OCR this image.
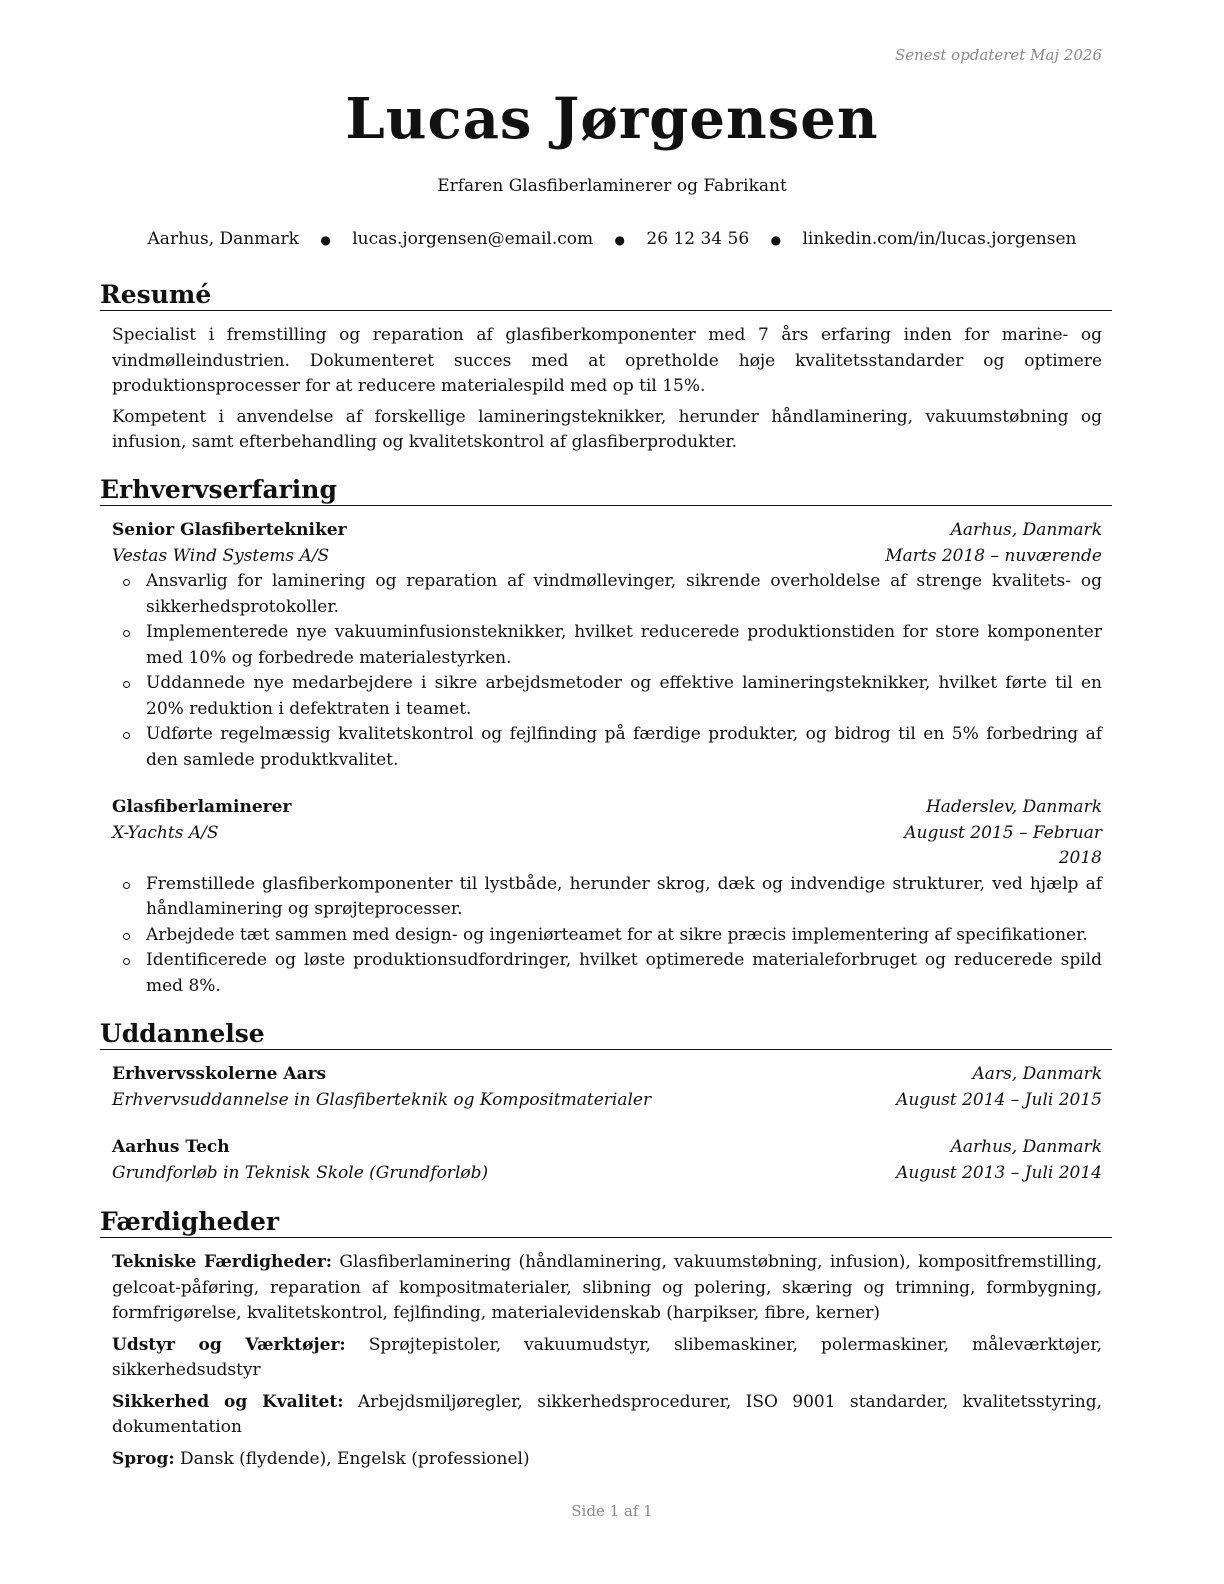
Senest opdateret Maj 2026
Lucas Jørgensen
Erfaren Glasfiberlaminerer og Fabrikant
Aarhus, Danmark ● lucas.jorgensen@email.com ● 26 12 34 56 ● linkedin.com/in/lucas.jorgensen
Resumé

Specialist i fremstilling og reparation af glasfiberkomponenter med 7 års erfaring inden for marine- og vindmølleindustrien. Dokumenteret succes med at opretholde høje kvalitetsstandarder og optimere produktionsprocesser for at reducere materialespild med op til 15%.

Kompetent i anvendelse af forskellige lamineringsteknikker, herunder håndlaminering, vakuumstøbning og infusion, samt efterbehandling og kvalitetskontrol af glasfiberprodukter.

Erhvervserfaring
Senior Glasfibertekniker	Aarhus, Danmark
Vestas Wind Systems A/S	Marts 2018 – nuværende
Ansvarlig for laminering og reparation af vindmøllevinger, sikrende overholdelse af strenge kvalitets- og sikkerhedsprotokoller.
Implementerede nye vakuuminfusionsteknikker, hvilket reducerede produktionstiden for store komponenter med 10% og forbedrede materialestyrken.
Uddannede nye medarbejdere i sikre arbejdsmetoder og effektive lamineringsteknikker, hvilket førte til en 20% reduktion i defektraten i teamet.
Udførte regelmæssig kvalitetskontrol og fejlfinding på færdige produkter, og bidrog til en 5% forbedring af den samlede produktkvalitet.
Glasfiberlaminerer	Haderslev, Danmark
X-Yachts A/S	August 2015 – Februar 2018
Fremstillede glasfiberkomponenter til lystbåde, herunder skrog, dæk og indvendige strukturer, ved hjælp af håndlaminering og sprøjteprocesser.
Arbejdede tæt sammen med design- og ingeniørteamet for at sikre præcis implementering af specifikationer.
Identificerede og løste produktionsudfordringer, hvilket optimerede materialeforbruget og reducerede spild med 8%.
Uddannelse
Erhvervsskolerne Aars	Aars, Danmark
Erhvervsuddannelse in Glasfiberteknik og Kompositmaterialer	August 2014 – Juli 2015
Aarhus Tech	Aarhus, Danmark
Grundforløb in Teknisk Skole (Grundforløb)	August 2013 – Juli 2014
Færdigheder
Tekniske Færdigheder: Glasfiberlaminering (håndlaminering, vakuumstøbning, infusion), kompositfremstilling, gelcoat-påføring, reparation af kompositmaterialer, slibning og polering, skæring og trimning, formbygning, formfrigørelse, kvalitetskontrol, fejlfinding, materialevidenskab (harpikser, fibre, kerner)
Udstyr og Værktøjer: Sprøjtepistoler, vakuumudstyr, slibemaskiner, polermaskiner, måleværktøjer, sikkerhedsudstyr
Sikkerhed og Kvalitet: Arbejdsmiljøregler, sikkerhedsprocedurer, ISO 9001 standarder, kvalitetsstyring, dokumentation
Sprog: Dansk (flydende), Engelsk (professionel)
Side 1 af 1
